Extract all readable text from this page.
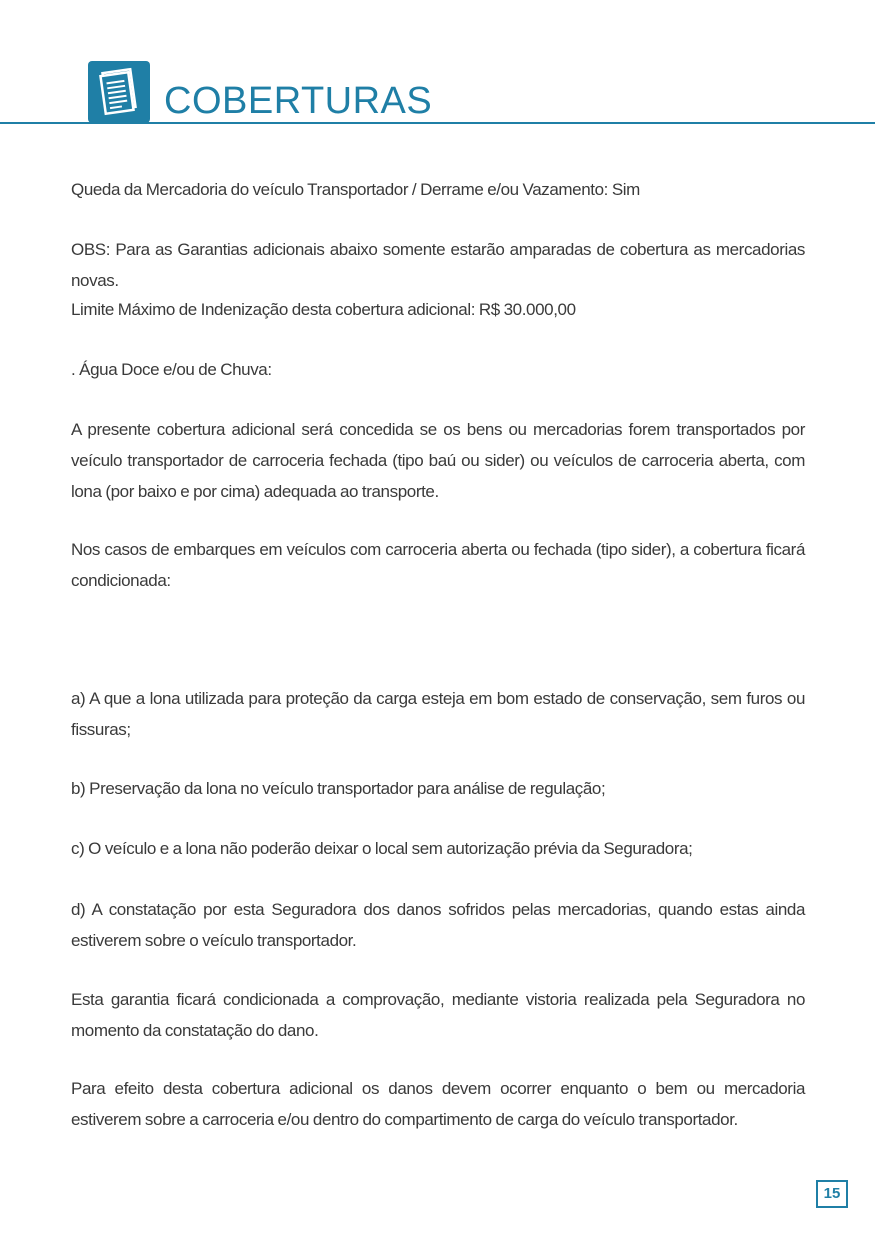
COBERTURAS

Queda da Mercadoria do veículo Transportador / Derrame e/ou Vazamento: Sim

OBS: Para as Garantias adicionais abaixo somente estarão amparadas de cobertura as mercadorias novas.

Limite Máximo de Indenização desta cobertura adicional: R$ 30.000,00

. Água Doce e/ou de Chuva:

A presente cobertura adicional será concedida se os bens ou mercadorias forem transportados por veículo transportador de carroceria fechada (tipo baú ou sider) ou veículos de carroceria aberta, com lona (por baixo e por cima) adequada ao transporte.

Nos casos de embarques em veículos com carroceria aberta ou fechada (tipo sider), a cobertura ficará condicionada:

a) A que a lona utilizada para proteção da carga esteja em bom estado de conservação, sem furos ou fissuras;

b) Preservação da lona no veículo transportador para análise de regulação;

c) O veículo e a lona não poderão deixar o local sem autorização prévia da Seguradora;

d) A constatação por esta Seguradora dos danos sofridos pelas mercadorias, quando estas ainda estiverem sobre o veículo transportador.

Esta garantia ficará condicionada a comprovação, mediante vistoria realizada pela Seguradora no momento da constatação do dano.

Para efeito desta cobertura adicional os danos devem ocorrer enquanto o bem ou mercadoria estiverem sobre a carroceria e/ou dentro do compartimento de carga do veículo transportador.

15
